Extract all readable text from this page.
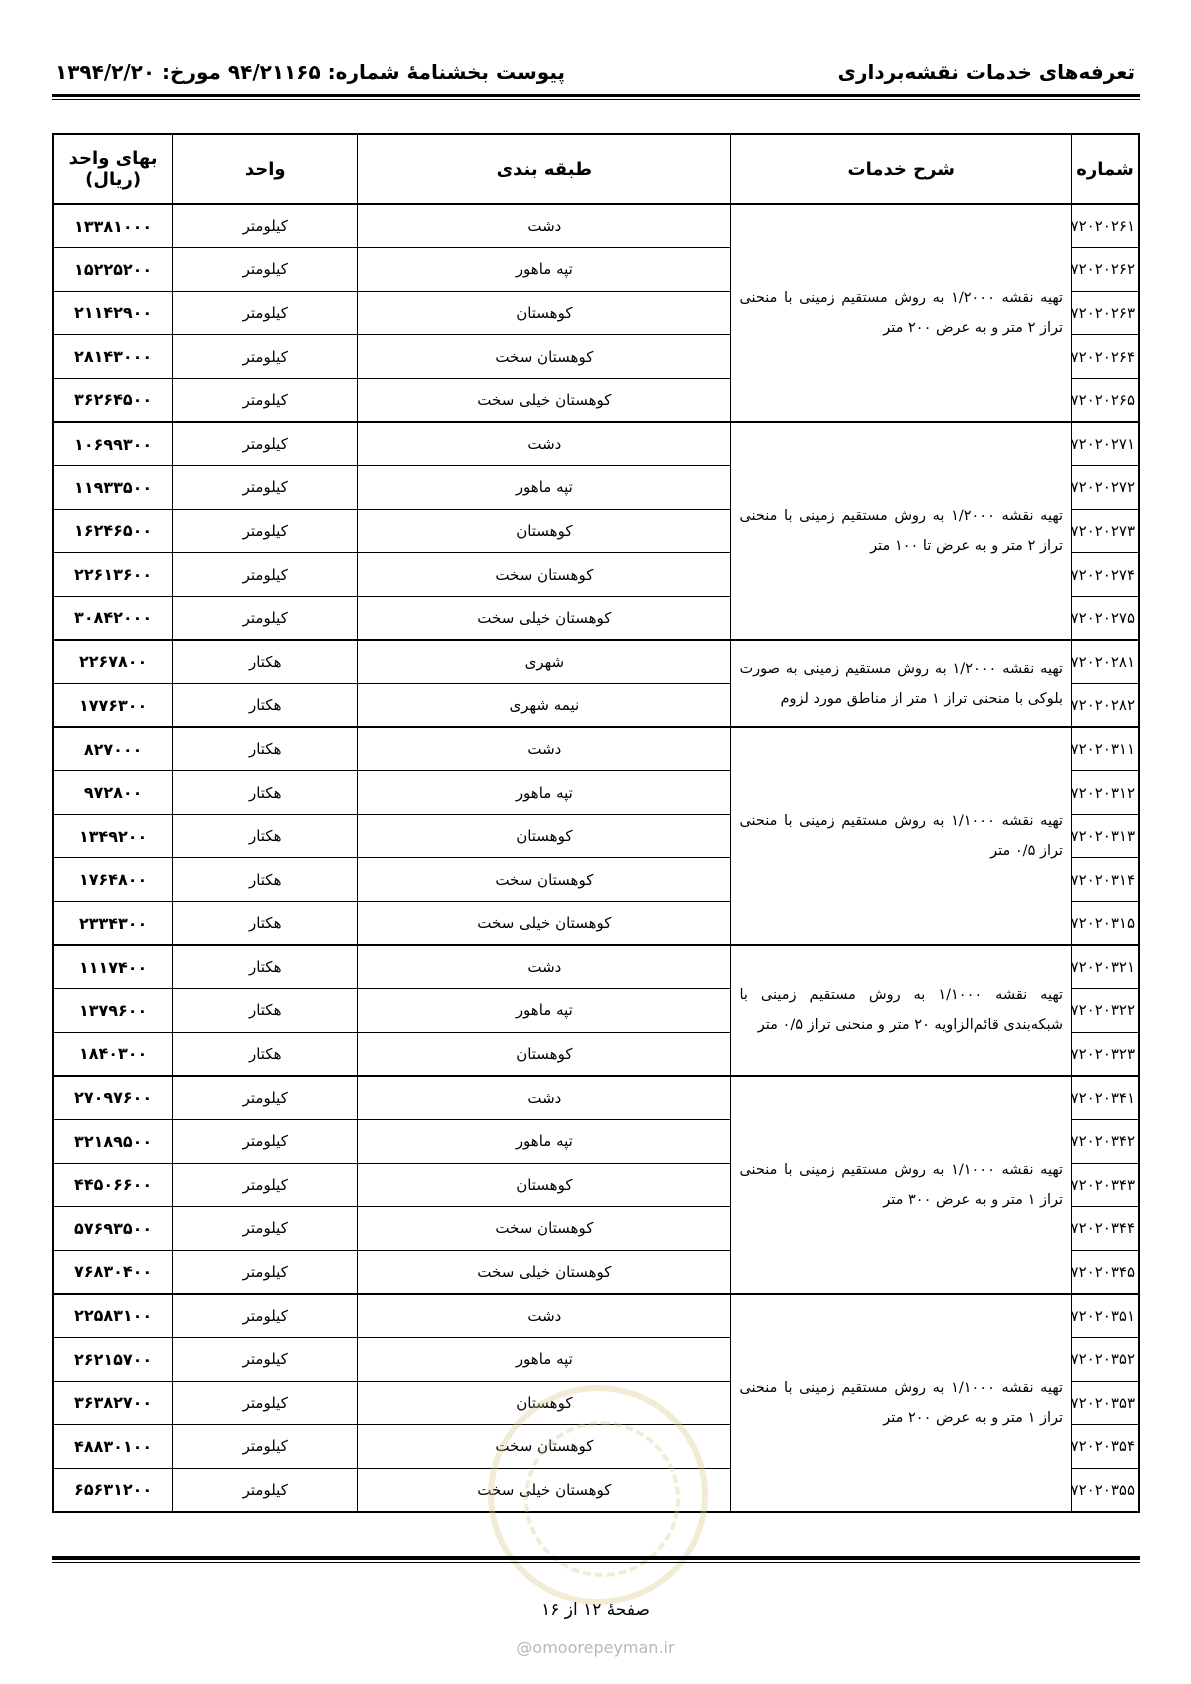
تعرفه‌های خدمات نقشه‌برداری
پیوست بخشنامهٔ شماره: ۹۴/۲۱۱۶۵
مورخ: ۱۳۹۴/۲/۲۰
شماره	شرح خدمات	طبقه بندی	واحد	بهای واحد (ریال)
۷۲۰۲۰۲۶۱	تهیه نقشه ۱/۲۰۰۰ به روش مستقیم زمینی با منحنی تراز ۲ متر و به عرض ۲۰۰ متر	دشت	کیلومتر	۱۳۳۸۱۰۰۰
۷۲۰۲۰۲۶۲		تپه ماهور	کیلومتر	۱۵۲۲۵۲۰۰
۷۲۰۲۰۲۶۳		کوهستان	کیلومتر	۲۱۱۴۲۹۰۰
۷۲۰۲۰۲۶۴		کوهستان سخت	کیلومتر	۲۸۱۴۳۰۰۰
۷۲۰۲۰۲۶۵		کوهستان خیلی سخت	کیلومتر	۳۶۲۶۴۵۰۰
۷۲۰۲۰۲۷۱	تهیه نقشه ۱/۲۰۰۰ به روش مستقیم زمینی با منحنی تراز ۲ متر و به عرض تا ۱۰۰ متر	دشت	کیلومتر	۱۰۶۹۹۳۰۰
۷۲۰۲۰۲۷۲		تپه ماهور	کیلومتر	۱۱۹۳۳۵۰۰
۷۲۰۲۰۲۷۳		کوهستان	کیلومتر	۱۶۲۴۶۵۰۰
۷۲۰۲۰۲۷۴		کوهستان سخت	کیلومتر	۲۲۶۱۳۶۰۰
۷۲۰۲۰۲۷۵		کوهستان خیلی سخت	کیلومتر	۳۰۸۴۲۰۰۰
۷۲۰۲۰۲۸۱	تهیه نقشه ۱/۲۰۰۰ به روش مستقیم زمینی به صورت بلوکی با منحنی تراز ۱ متر از مناطق مورد لزوم	شهری	هکتار	۲۲۶۷۸۰۰
۷۲۰۲۰۲۸۲		نیمه شهری	هکتار	۱۷۷۶۳۰۰
۷۲۰۲۰۳۱۱	تهیه نقشه ۱/۱۰۰۰ به روش مستقیم زمینی با منحنی تراز ۰/۵ متر	دشت	هکتار	۸۲۷۰۰۰
۷۲۰۲۰۳۱۲		تپه ماهور	هکتار	۹۷۲۸۰۰
۷۲۰۲۰۳۱۳		کوهستان	هکتار	۱۳۴۹۲۰۰
۷۲۰۲۰۳۱۴		کوهستان سخت	هکتار	۱۷۶۴۸۰۰
۷۲۰۲۰۳۱۵		کوهستان خیلی سخت	هکتار	۲۳۳۴۳۰۰
۷۲۰۲۰۳۲۱	تهیه نقشه ۱/۱۰۰۰ به روش مستقیم زمینی با شبکه‌بندی قائم‌الزاویه ۲۰ متر و منحنی تراز ۰/۵ متر	دشت	هکتار	۱۱۱۷۴۰۰
۷۲۰۲۰۳۲۲		تپه ماهور	هکتار	۱۳۷۹۶۰۰
۷۲۰۲۰۳۲۳		کوهستان	هکتار	۱۸۴۰۳۰۰
۷۲۰۲۰۳۴۱	تهیه نقشه ۱/۱۰۰۰ به روش مستقیم زمینی با منحنی تراز ۱ متر و به عرض ۳۰۰ متر	دشت	کیلومتر	۲۷۰۹۷۶۰۰
۷۲۰۲۰۳۴۲		تپه ماهور	کیلومتر	۳۲۱۸۹۵۰۰
۷۲۰۲۰۳۴۳		کوهستان	کیلومتر	۴۴۵۰۶۶۰۰
۷۲۰۲۰۳۴۴		کوهستان سخت	کیلومتر	۵۷۶۹۳۵۰۰
۷۲۰۲۰۳۴۵		کوهستان خیلی سخت	کیلومتر	۷۶۸۳۰۴۰۰
۷۲۰۲۰۳۵۱	تهیه نقشه ۱/۱۰۰۰ به روش مستقیم زمینی با منحنی تراز ۱ متر و به عرض ۲۰۰ متر	دشت	کیلومتر	۲۲۵۸۳۱۰۰
۷۲۰۲۰۳۵۲		تپه ماهور	کیلومتر	۲۶۲۱۵۷۰۰
۷۲۰۲۰۳۵۳		کوهستان	کیلومتر	۳۶۳۸۲۷۰۰
۷۲۰۲۰۳۵۴		کوهستان سخت	کیلومتر	۴۸۸۳۰۱۰۰
۷۲۰۲۰۳۵۵		کوهستان خیلی سخت	کیلومتر	۶۵۶۳۱۲۰۰
صفحهٔ ۱۲ از ۱۶
@omoorepeyman.ir
